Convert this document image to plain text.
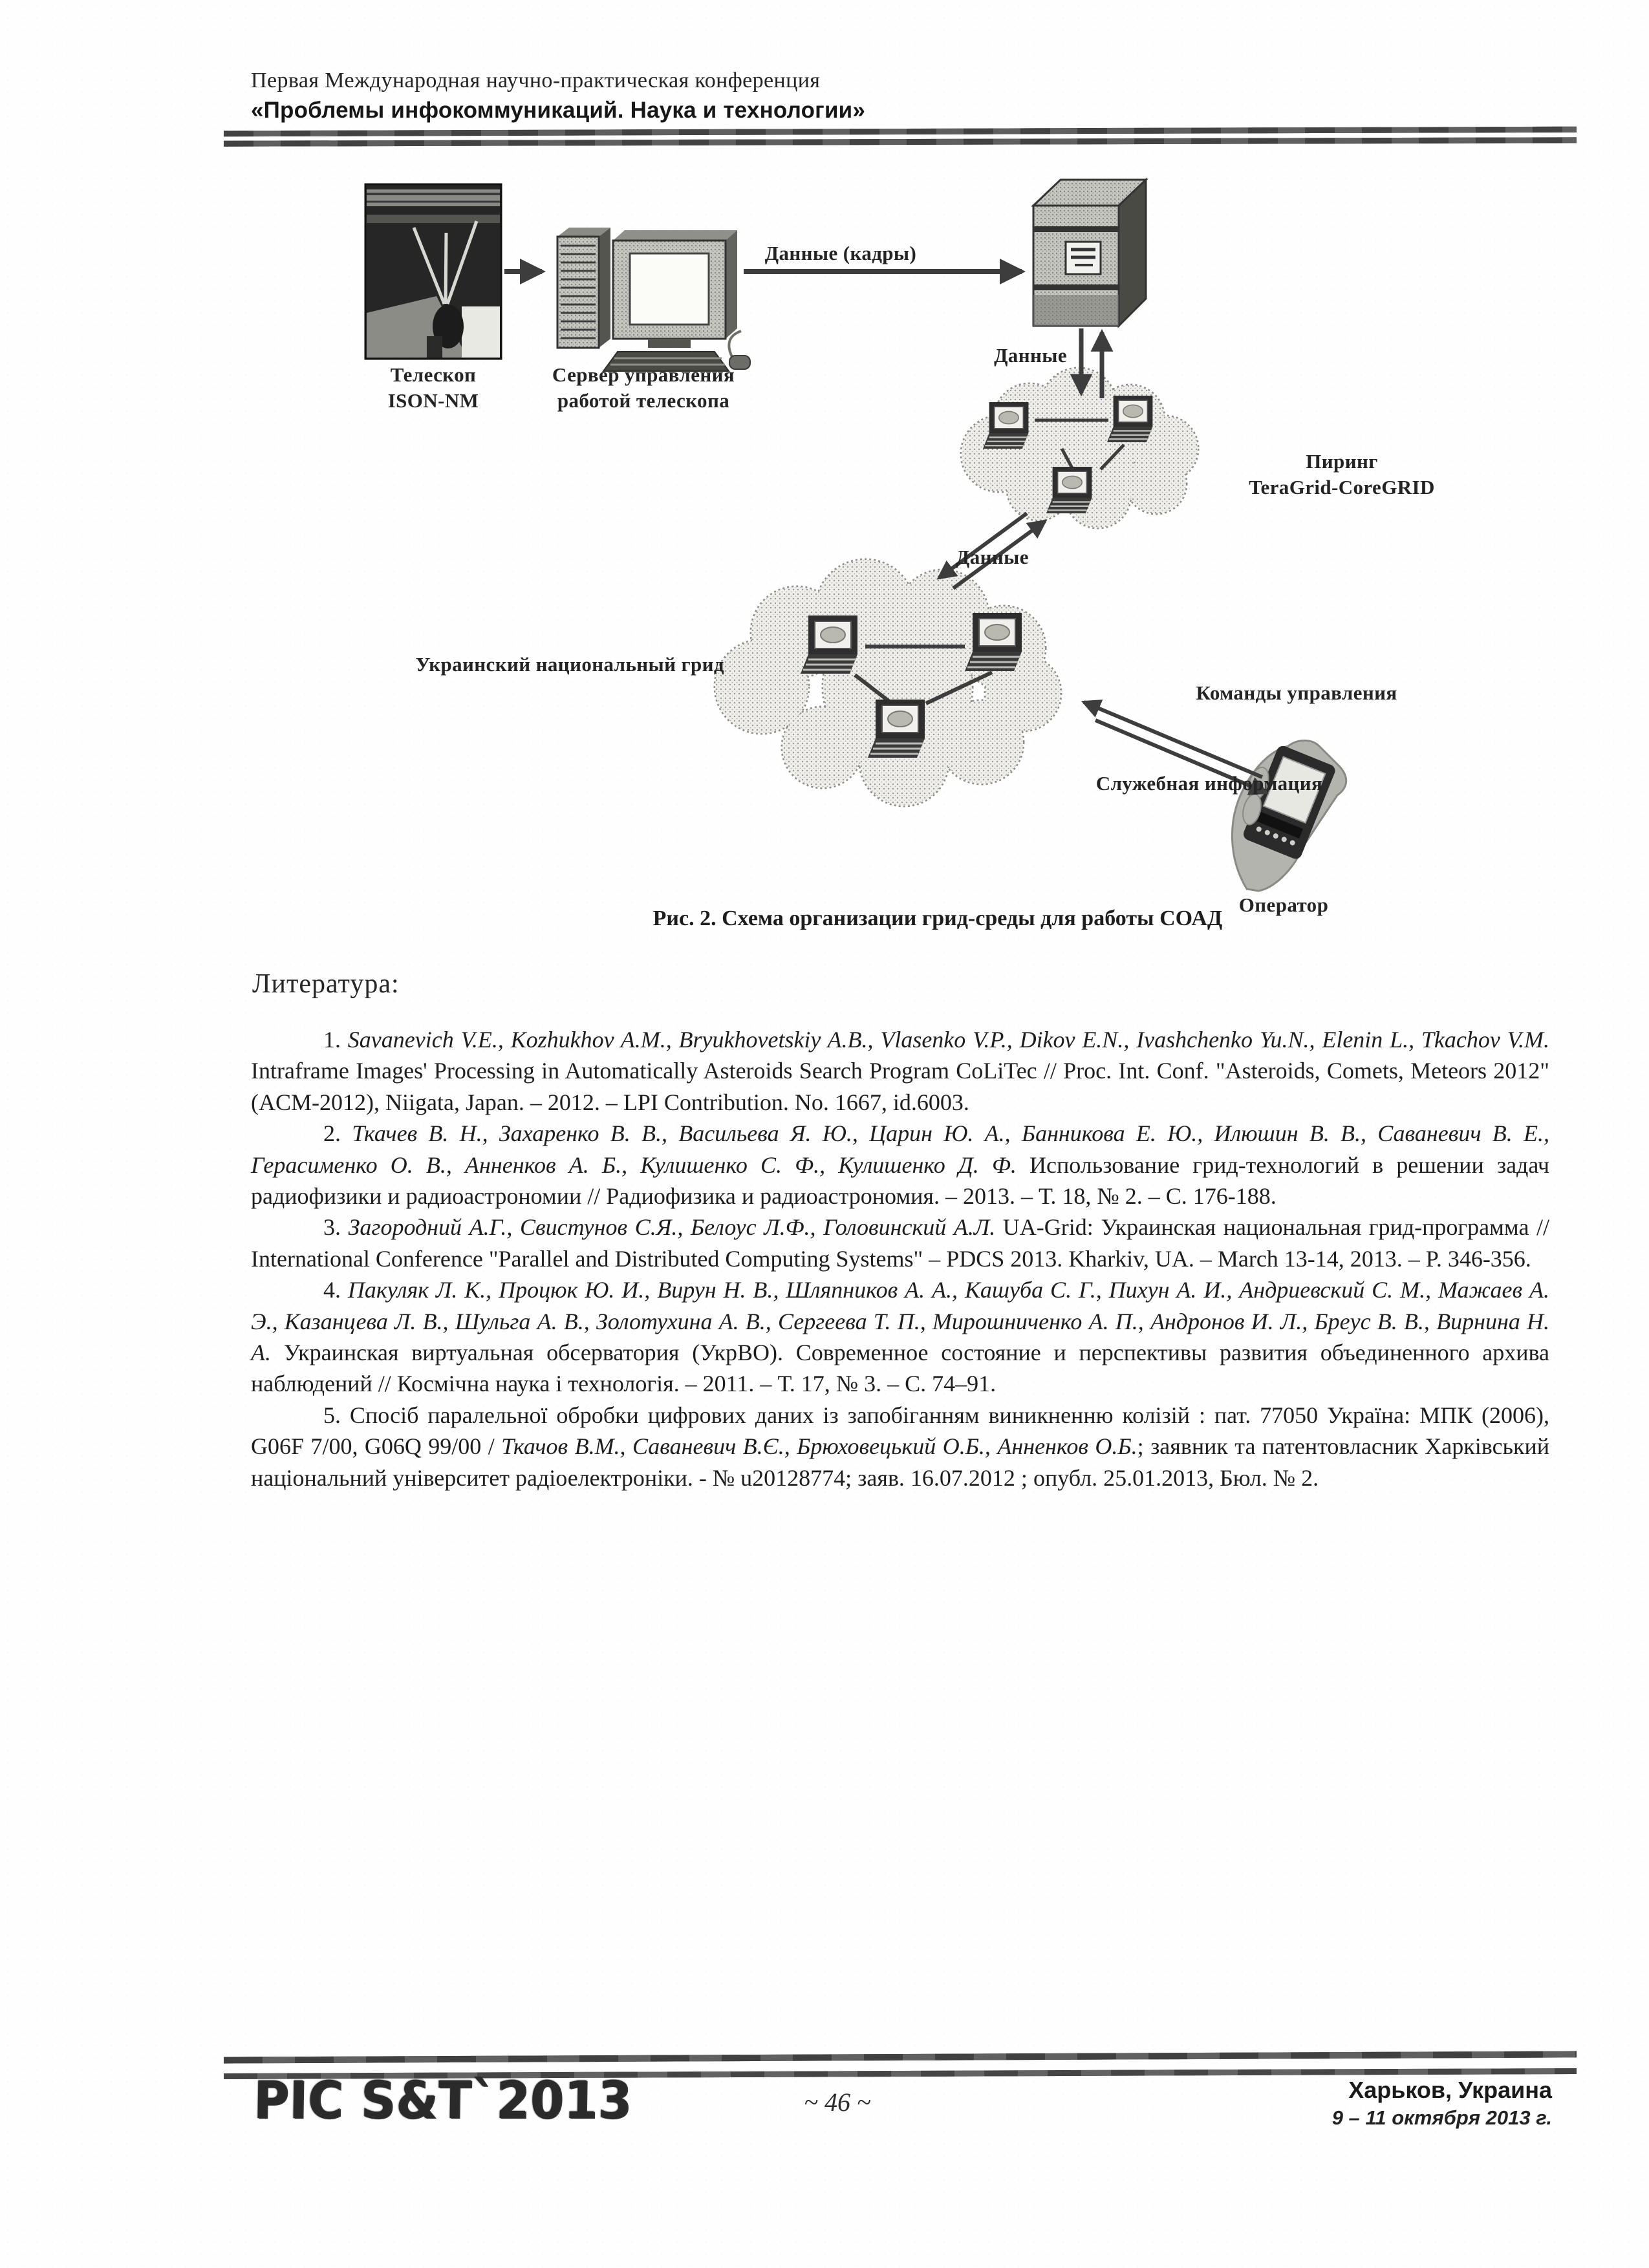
Первая Международная научно-практическая конференция
«Проблемы инфокоммуникаций. Наука и технологии»
Телескоп
ISON-NM
Сервер управления
работой телескопа
Данные (кадры)
Данные
Пиринг
TeraGrid-CoreGRID
Данные
Украинский национальный грид
Команды управления
Служебная информация
Оператор
Рис. 2. Схема организации грид-среды для работы СОАД
Литература:

1. Savanevich V.E., Kozhukhov A.M., Bryukhovetskiy A.B., Vlasenko V.P., Dikov E.N., Ivashchenko Yu.N., Elenin L., Tkachov V.M. Intraframe Images' Processing in Automatically Asteroids Search Program CoLiTec // Proc. Int. Conf. "Asteroids, Comets, Meteors 2012" (ACM-2012), Niigata, Japan. – 2012. – LPI Contribution. No. 1667, id.6003.

2. Ткачев В. Н., Захаренко В. В., Васильева Я. Ю., Царин Ю. А., Банникова Е. Ю., Илюшин В. В., Саваневич В. Е., Герасименко О. В., Анненков А. Б., Кулишенко С. Ф., Кулишенко Д. Ф. Использование грид-технологий в решении задач радиофизики и радиоастрономии // Радиофизика и радиоастрономия. – 2013. – Т. 18, № 2. – С. 176-188.

3. Загородний А.Г., Свистунов С.Я., Белоус Л.Ф., Головинский А.Л. UA-Grid: Украинская национальная грид-программа // International Conference "Parallel and Distributed Computing Systems" – PDCS 2013. Kharkiv, UA. – March 13-14, 2013. – P. 346-356.

4. Пакуляк Л. К., Процюк Ю. И., Вирун Н. В., Шляпников А. А., Кашуба С. Г., Пихун А. И., Андриевский С. М., Мажаев А. Э., Казанцева Л. В., Шульга А. В., Золотухина А. В., Сергеева Т. П., Мирошниченко А. П., Андронов И. Л., Бреус В. В., Вирнина Н. А. Украинская виртуальная обсерватория (УкрВО). Современное состояние и перспективы развития объединенного архива наблюдений // Космічна наука і технологія. – 2011. – Т. 17, № 3. – С. 74–91.

5. Спосіб паралельної обробки цифрових даних із запобіганням виникненню колізій : пат. 77050 Україна: МПК (2006), G06F 7/00, G06Q 99/00 / Ткачов В.М., Саваневич В.Є., Брюховецький О.Б., Анненков О.Б.; заявник та патентовласник Харківський національний університет радіоелектроніки. - № u20128774; заяв. 16.07.2012 ; опубл. 25.01.2013, Бюл. № 2.

PIC S&T`2013	~ 46 ~	Харьков, Украина
9 – 11 октября 2013 г.
